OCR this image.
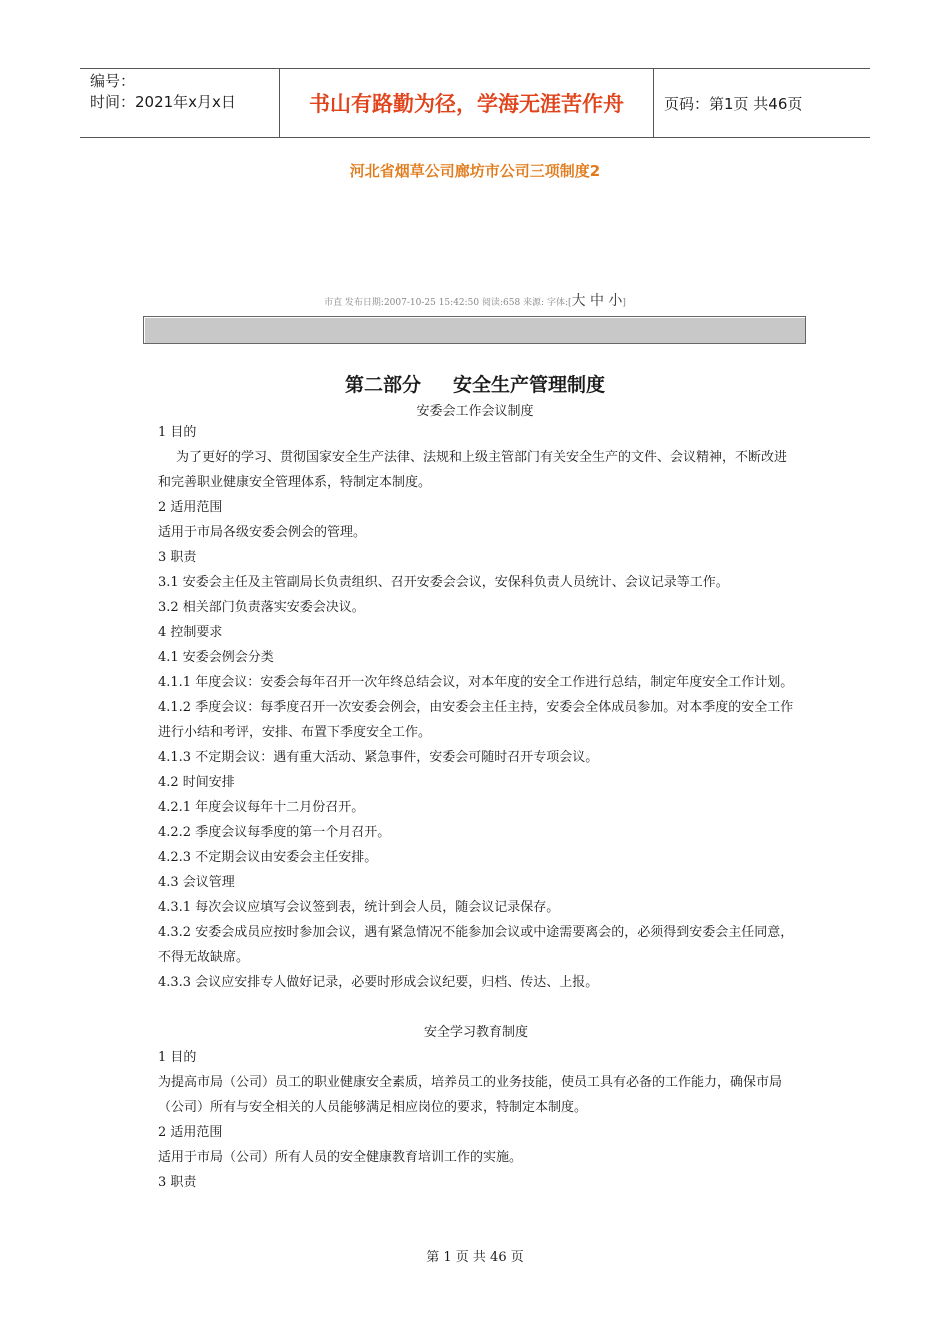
编号：
时间：2021年x月x日	书山有路勤为径，学海无涯苦作舟	页码：第1页 共46页
河北省烟草公司廊坊市公司三项制度2
市直 发布日期:2007-10-25 15:42:50 阅读:658 来源: 字体:[大 中 小]
第二部分 安全生产管理制度
安委会工作会议制度

1 目的

为了更好的学习、贯彻国家安全生产法律、法规和上级主管部门有关安全生产的文件、会议精神，不断改进和完善职业健康安全管理体系，特制定本制度。

2 适用范围

适用于市局各级安委会例会的管理。

3 职责

3.1 安委会主任及主管副局长负责组织、召开安委会会议，安保科负责人员统计、会议记录等工作。

3.2 相关部门负责落实安委会决议。

4 控制要求

4.1 安委会例会分类

4.1.1 年度会议：安委会每年召开一次年终总结会议，对本年度的安全工作进行总结，制定年度安全工作计划。

4.1.2 季度会议：每季度召开一次安委会例会，由安委会主任主持，安委会全体成员参加。对本季度的安全工作进行小结和考评，安排、布置下季度安全工作。

4.1.3 不定期会议：遇有重大活动、紧急事件，安委会可随时召开专项会议。

4.2 时间安排

4.2.1 年度会议每年十二月份召开。

4.2.2 季度会议每季度的第一个月召开。

4.2.3 不定期会议由安委会主任安排。

4.3 会议管理

4.3.1 每次会议应填写会议签到表，统计到会人员，随会议记录保存。

4.3.2 安委会成员应按时参加会议，遇有紧急情况不能参加会议或中途需要离会的，必须得到安委会主任同意，不得无故缺席。

4.3.3 会议应安排专人做好记录，必要时形成会议纪要，归档、传达、上报。

安全学习教育制度

1 目的

为提高市局（公司）员工的职业健康安全素质，培养员工的业务技能，使员工具有必备的工作能力，确保市局（公司）所有与安全相关的人员能够满足相应岗位的要求，特制定本制度。

2 适用范围

适用于市局（公司）所有人员的安全健康教育培训工作的实施。

3 职责

第 1 页 共 46 页
